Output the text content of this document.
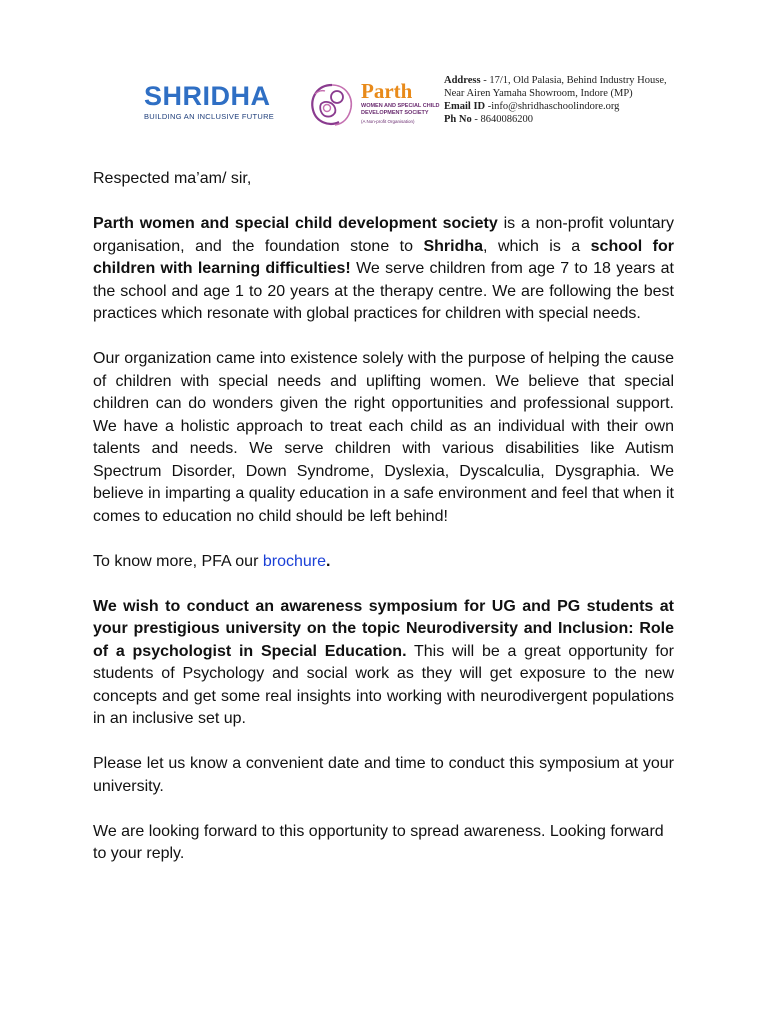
SHRIDHA
BUILDING AN INCLUSIVE FUTURE
Parth
WOMEN AND SPECIAL CHILD DEVELOPMENT SOCIETY
(A Non-profit Organisation)
Address - 17/1, Old Palasia, Behind Industry House, Near Airen Yamaha Showroom, Indore (MP)
Email ID -info@shridhaschoolindore.org
Ph No - 8640086200

Respected ma’am/ sir,

Parth women and special child development society is a non-profit voluntary organisation, and the foundation stone to Shridha, which is a school for children with learning difficulties! We serve children from age 7 to 18 years at the school and age 1 to 20 years at the therapy centre. We are following the best practices which resonate with global practices for children with special needs.

Our organization came into existence solely with the purpose of helping the cause of children with special needs and uplifting women. We believe that special children can do wonders given the right opportunities and professional support. We have a holistic approach to treat each child as an individual with their own talents and needs. We serve children with various disabilities like Autism Spectrum Disorder, Down Syndrome, Dyslexia, Dyscalculia, Dysgraphia. We believe in imparting a quality education in a safe environment and feel that when it comes to education no child should be left behind!

To know more, PFA our brochure.

We wish to conduct an awareness symposium for UG and PG students at your prestigious university on the topic Neurodiversity and Inclusion: Role of a psychologist in Special Education. This will be a great opportunity for students of Psychology and social work as they will get exposure to the new concepts and get some real insights into working with neurodivergent populations in an inclusive set up.

Please let us know a convenient date and time to conduct this symposium at your university.

We are looking forward to this opportunity to spread awareness. Looking forward to your reply.
